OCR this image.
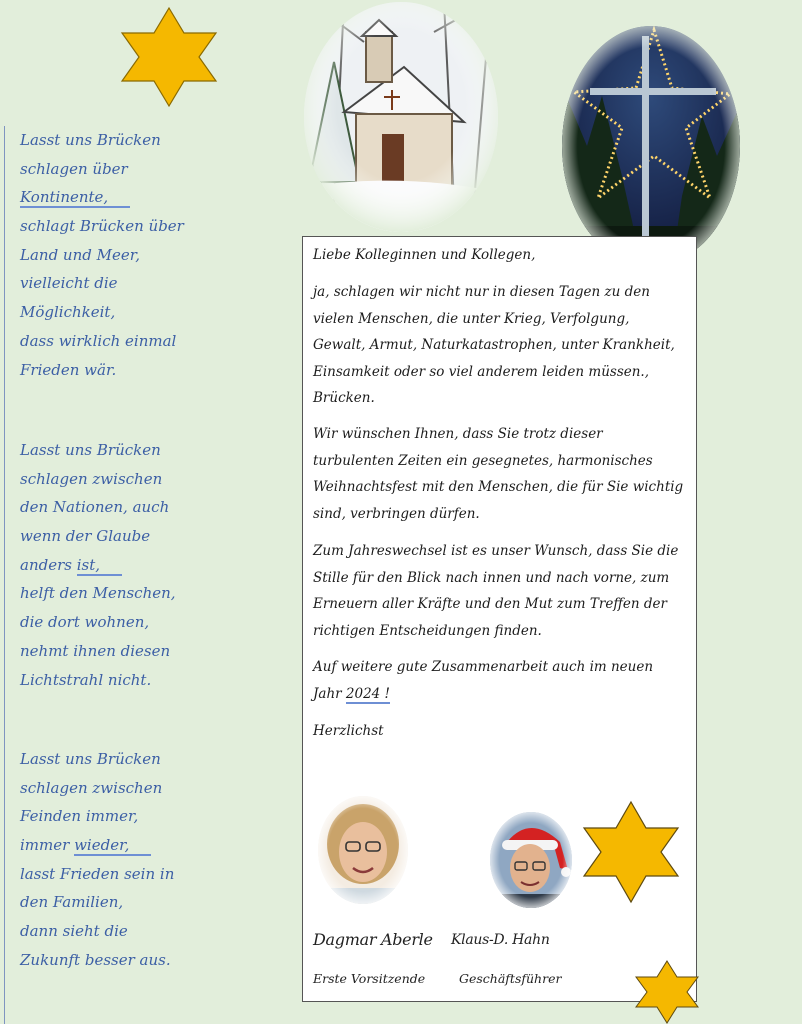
Lasst uns Brücken
schlagen über
Kontinente,
schlagt Brücken über
Land und Meer,
vielleicht die
Möglichkeit,
dass wirklich einmal
Frieden wär.
Lasst uns Brücken
schlagen zwischen
den Nationen, auch
wenn der Glaube
anders ist,
helft den Menschen,
die dort wohnen,
nehmt ihnen diesen
Lichtstrahl nicht.
Lasst uns Brücken
schlagen zwischen
Feinden immer,
immer wieder,
lasst Frieden sein in
den Familien,
dann sieht die
Zukunft besser aus.

Liebe Kolleginnen und Kollegen,

ja, schlagen wir nicht nur in diesen Tagen zu den vielen Menschen, die unter Krieg, Verfolgung, Gewalt, Armut, Naturkatastrophen, unter Krankheit, Einsamkeit oder so viel anderem leiden müssen., Brücken.

Wir wünschen Ihnen, dass Sie trotz dieser turbulenten Zeiten ein gesegnetes, harmonisches Weihnachtsfest mit den Menschen, die für Sie wichtig sind, verbringen dürfen.

Zum Jahreswechsel ist es unser Wunsch, dass Sie die Stille für den Blick nach innen und nach vorne, zum Erneuern aller Kräfte und den Mut zum Treffen der richtigen Entscheidungen finden.

Auf weitere gute Zusammenarbeit auch im neuen Jahr 2024 !

Herzlichst

Dagmar Aberle Klaus-D. Hahn
Erste Vorsitzende	Geschäftsführer
